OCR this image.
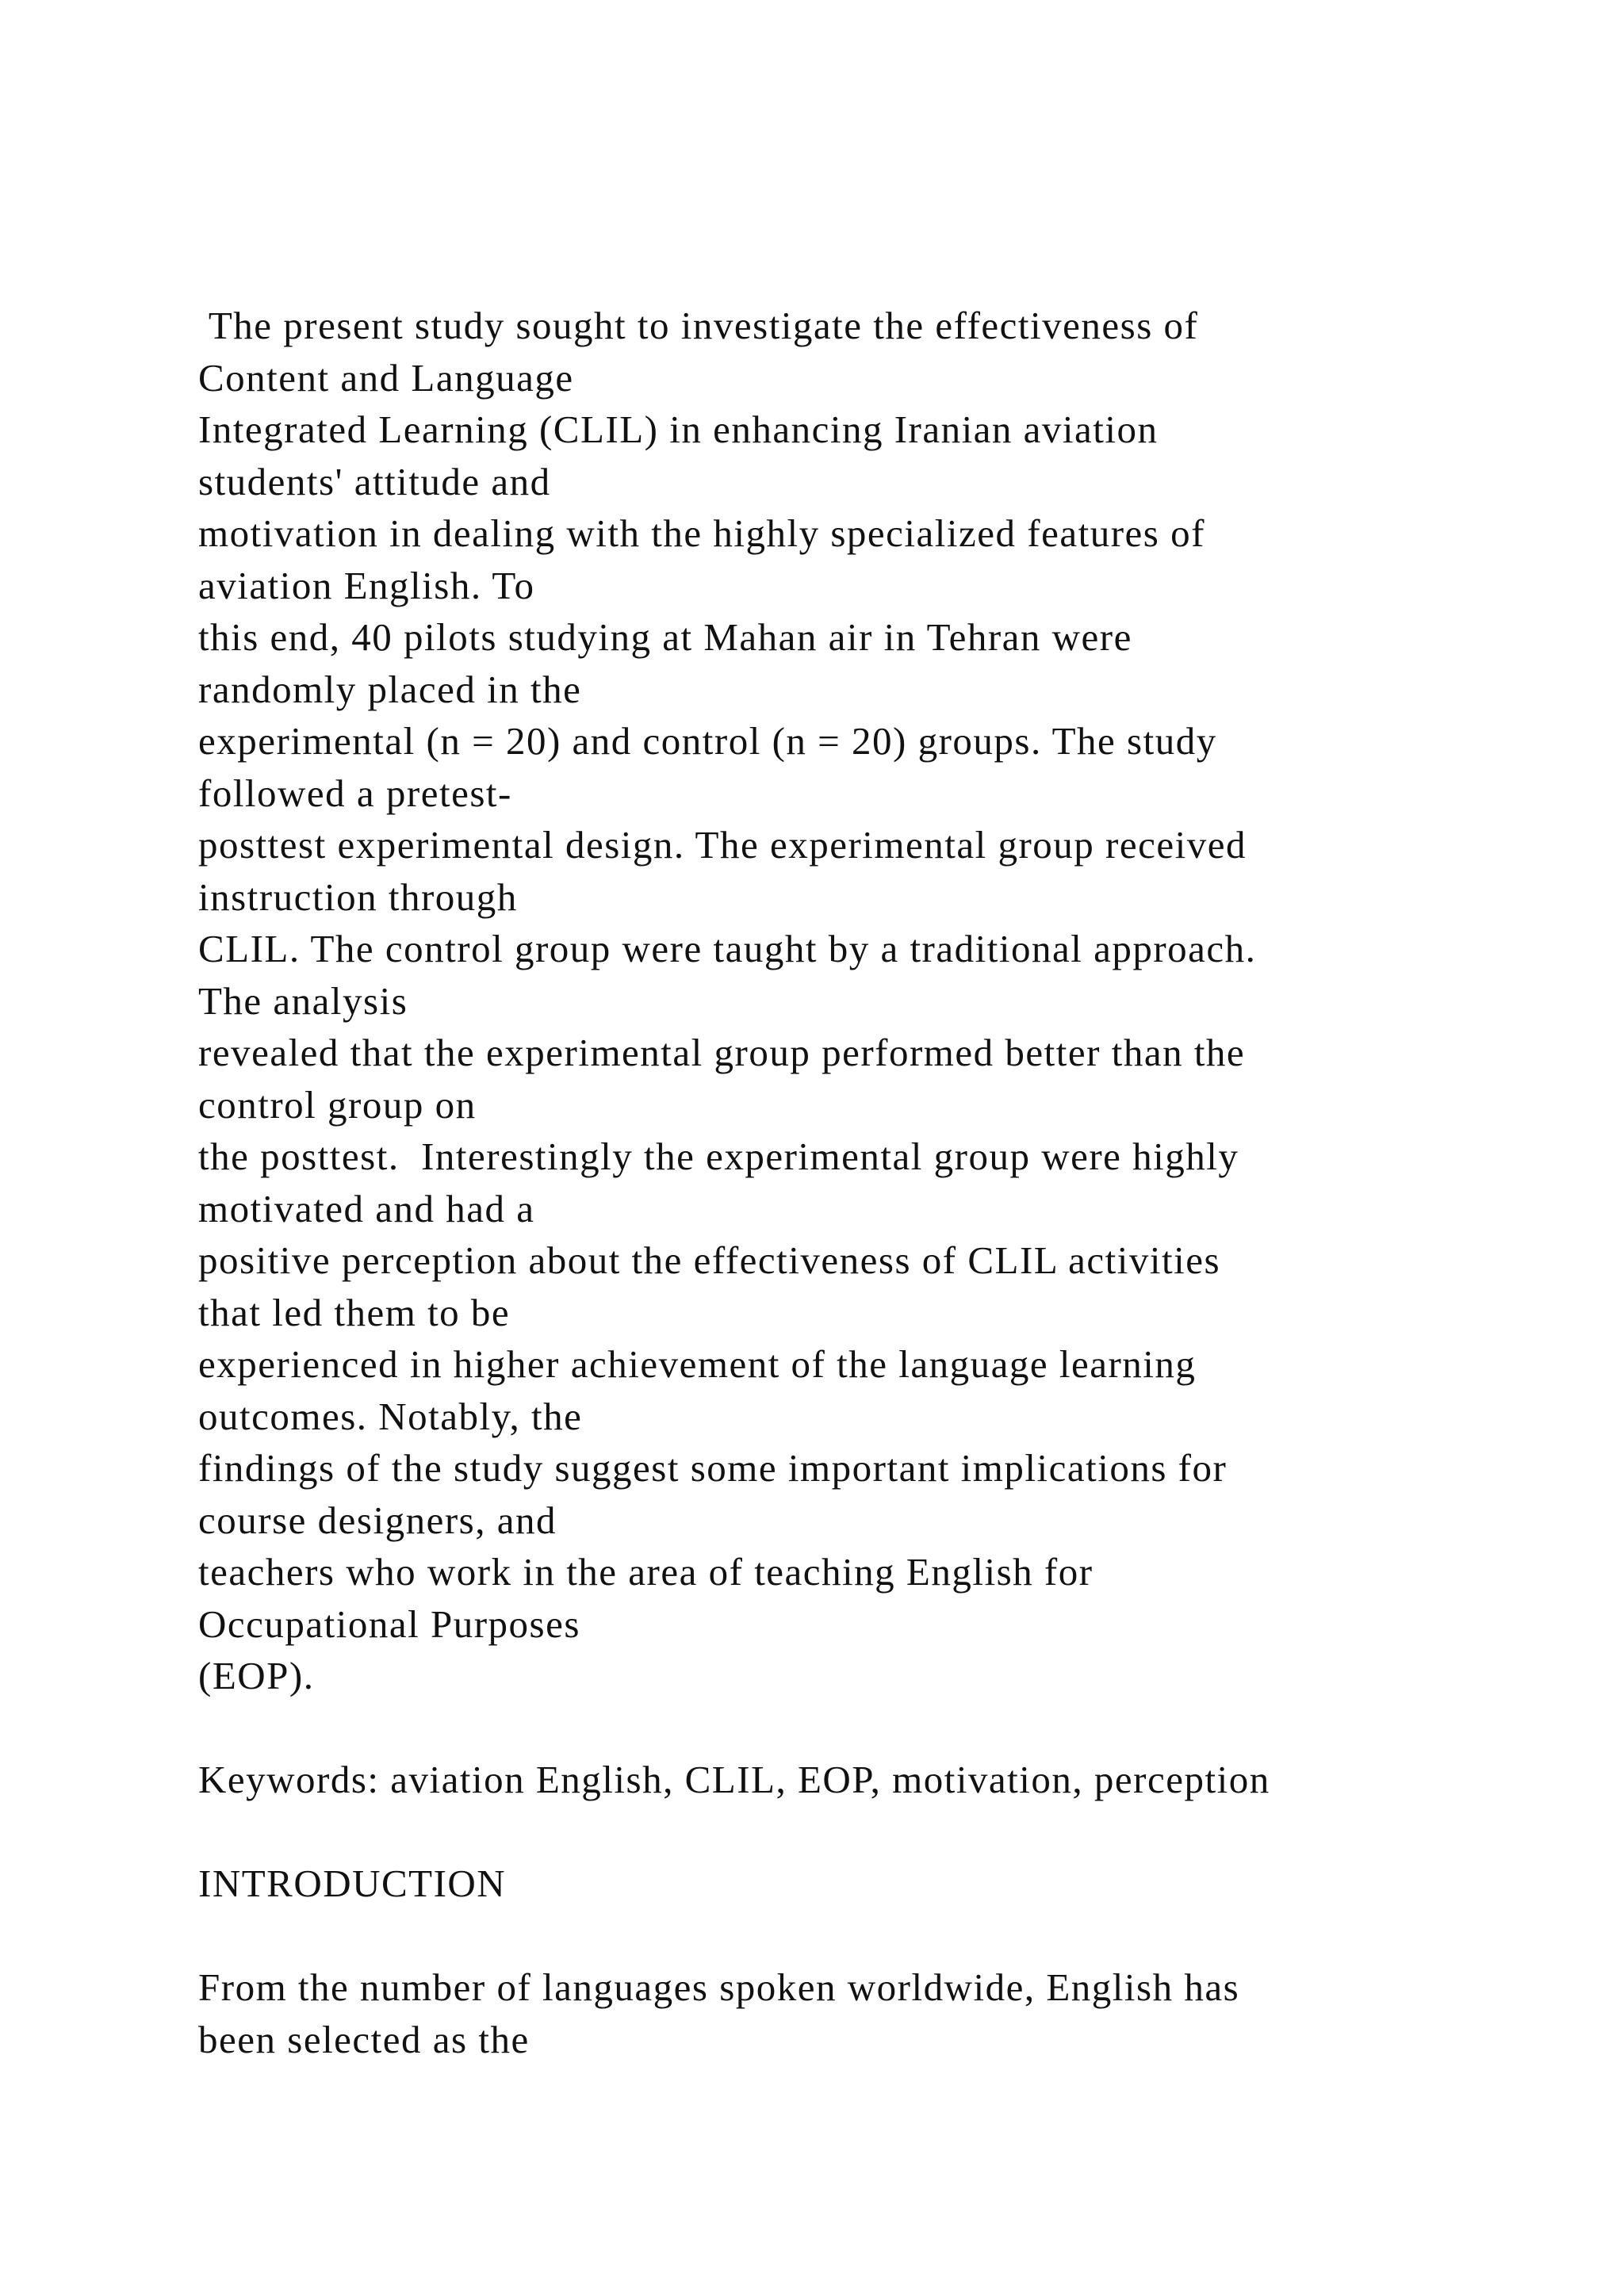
The present study sought to investigate the effectiveness of
Content and Language
Integrated Learning (CLIL) in enhancing Iranian aviation
students' attitude and
motivation in dealing with the highly specialized features of
aviation English. To
this end, 40 pilots studying at Mahan air in Tehran were
randomly placed in the
experimental (n = 20) and control (n = 20) groups. The study
followed a pretest-
posttest experimental design. The experimental group received
instruction through
CLIL. The control group were taught by a traditional approach.
The analysis
revealed that the experimental group performed better than the
control group on
the posttest.  Interestingly the experimental group were highly
motivated and had a
positive perception about the effectiveness of CLIL activities
that led them to be
experienced in higher achievement of the language learning
outcomes. Notably, the
findings of the study suggest some important implications for
course designers, and
teachers who work in the area of teaching English for
Occupational Purposes
(EOP).
Keywords: aviation English, CLIL, EOP, motivation, perception
INTRODUCTION
From the number of languages spoken worldwide, English has
been selected as the
